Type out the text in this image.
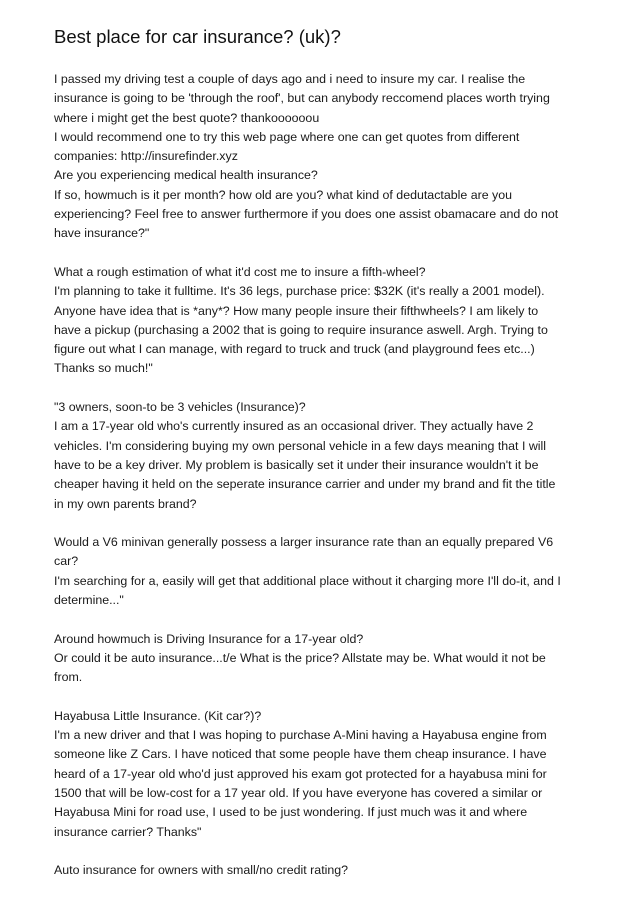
Best place for car insurance? (uk)?

I passed my driving test a couple of days ago and i need to insure my car. I realise the
insurance is going to be 'through the roof', but can anybody reccomend places worth trying
where i might get the best quote? thankoooooou
I would recommend one to try this web page where one can get quotes from different
companies: http://insurefinder.xyz
Are you experiencing medical health insurance?
If so, howmuch is it per month? how old are you? what kind of dedutactable are you
experiencing? Feel free to answer furthermore if you does one assist obamacare and do not
have insurance?"

What a rough estimation of what it'd cost me to insure a fifth-wheel?
I'm planning to take it fulltime. It's 36 legs, purchase price: $32K (it's really a 2001 model).
Anyone have idea that is *any*? How many people insure their fifthwheels? I am likely to
have a pickup (purchasing a 2002 that is going to require insurance aswell. Argh. Trying to
figure out what I can manage, with regard to truck and truck (and playground fees etc...)
Thanks so much!"

"3 owners, soon-to be 3 vehicles (Insurance)?
I am a 17-year old who's currently insured as an occasional driver. They actually have 2
vehicles. I'm considering buying my own personal vehicle in a few days meaning that I will
have to be a key driver. My problem is basically set it under their insurance wouldn't it be
cheaper having it held on the seperate insurance carrier and under my brand and fit the title
in my own parents brand?

Would a V6 minivan generally possess a larger insurance rate than an equally prepared V6
car?
I'm searching for a, easily will get that additional place without it charging more I'll do-it, and I
determine..."

Around howmuch is Driving Insurance for a 17-year old?
Or could it be auto insurance...t/e What is the price? Allstate may be. What would it not be
from.

Hayabusa Little Insurance. (Kit car?)?
I'm a new driver and that I was hoping to purchase A-Mini having a Hayabusa engine from
someone like Z Cars. I have noticed that some people have them cheap insurance. I have
heard of a 17-year old who'd just approved his exam got protected for a hayabusa mini for
1500 that will be low-cost for a 17 year old. If you have everyone has covered a similar or
Hayabusa Mini for road use, I used to be just wondering. If just much was it and where
insurance carrier? Thanks"

Auto insurance for owners with small/no credit rating?
